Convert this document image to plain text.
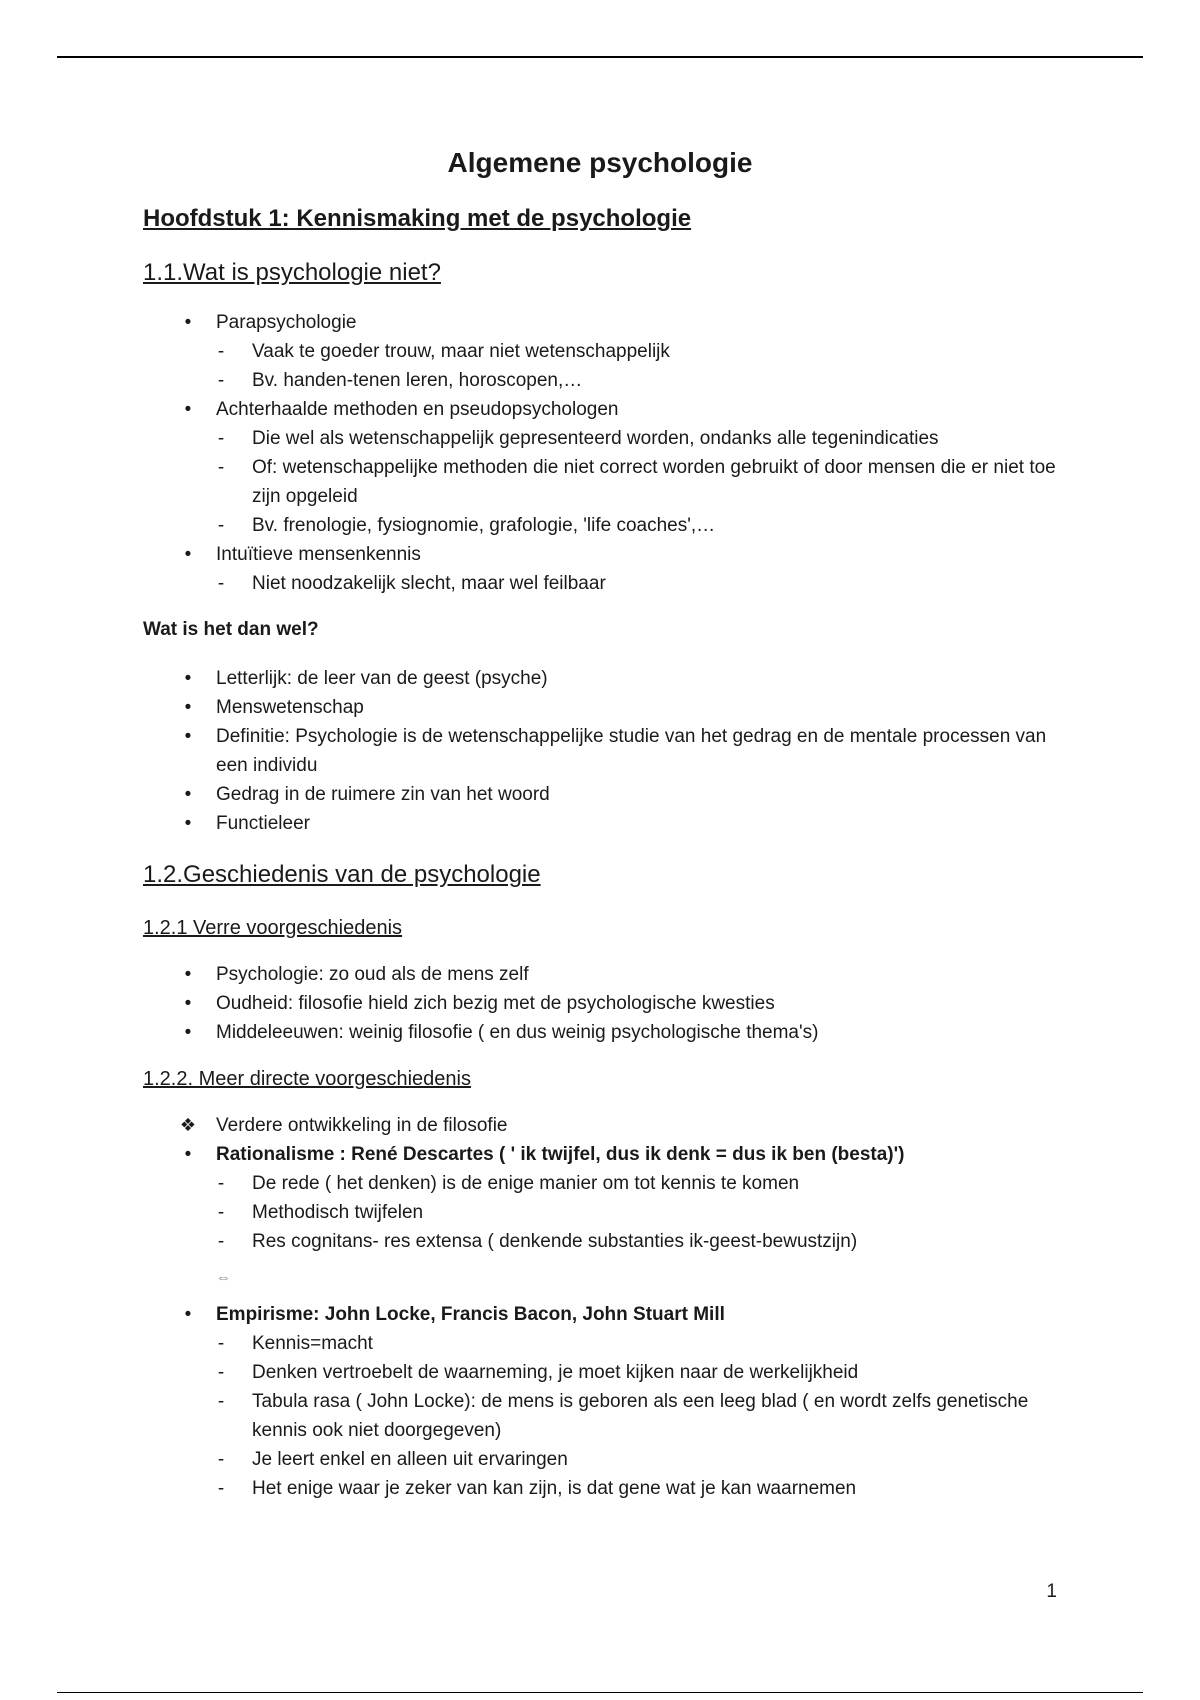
Algemene psychologie
Hoofdstuk 1: Kennismaking met de psychologie
1.1.Wat is psychologie niet?
•	Parapsychologie
- Vaak te goeder trouw, maar niet wetenschappelijk
- Bv. handen-tenen leren, horoscopen,…
•	Achterhaalde methoden en pseudopsychologen
- Die wel als wetenschappelijk gepresenteerd worden, ondanks alle tegenindicaties
- Of: wetenschappelijke methoden die niet correct worden gebruikt of door mensen die er niet toe zijn opgeleid
- Bv. frenologie, fysiognomie, grafologie, 'life coaches',…
•	Intuïtieve mensenkennis
- Niet noodzakelijk slecht, maar wel feilbaar
Wat is het dan wel?
•	Letterlijk: de leer van de geest (psyche)
•	Menswetenschap
•	Definitie: Psychologie is de wetenschappelijke studie van het gedrag en de mentale processen van een individu
•	Gedrag in de ruimere zin van het woord
•	Functieleer
1.2.Geschiedenis van de psychologie
1.2.1 Verre voorgeschiedenis
•	Psychologie: zo oud als de mens zelf
•	Oudheid: filosofie hield zich bezig met de psychologische kwesties
•	Middeleeuwen: weinig filosofie ( en dus weinig psychologische thema's)
1.2.2. Meer directe voorgeschiedenis
❖ Verdere ontwikkeling in de filosofie
•	Rationalisme : René Descartes ( ' ik twijfel, dus ik denk = dus ik ben (besta)')
- De rede ( het denken) is de enige manier om tot kennis te komen
- Methodisch twijfelen
- Res cognitans- res extensa ( denkende substanties ik-geest-bewustzijn)
⇔
•	Empirisme: John Locke, Francis Bacon, John Stuart Mill
- Kennis=macht
- Denken vertroebelt de waarneming, je moet kijken naar de werkelijkheid
- Tabula rasa ( John Locke): de mens is geboren als een leeg blad ( en wordt zelfs genetische kennis ook niet doorgegeven)
- Je leert enkel en alleen uit ervaringen
- Het enige waar je zeker van kan zijn, is dat gene wat je kan waarnemen
1
